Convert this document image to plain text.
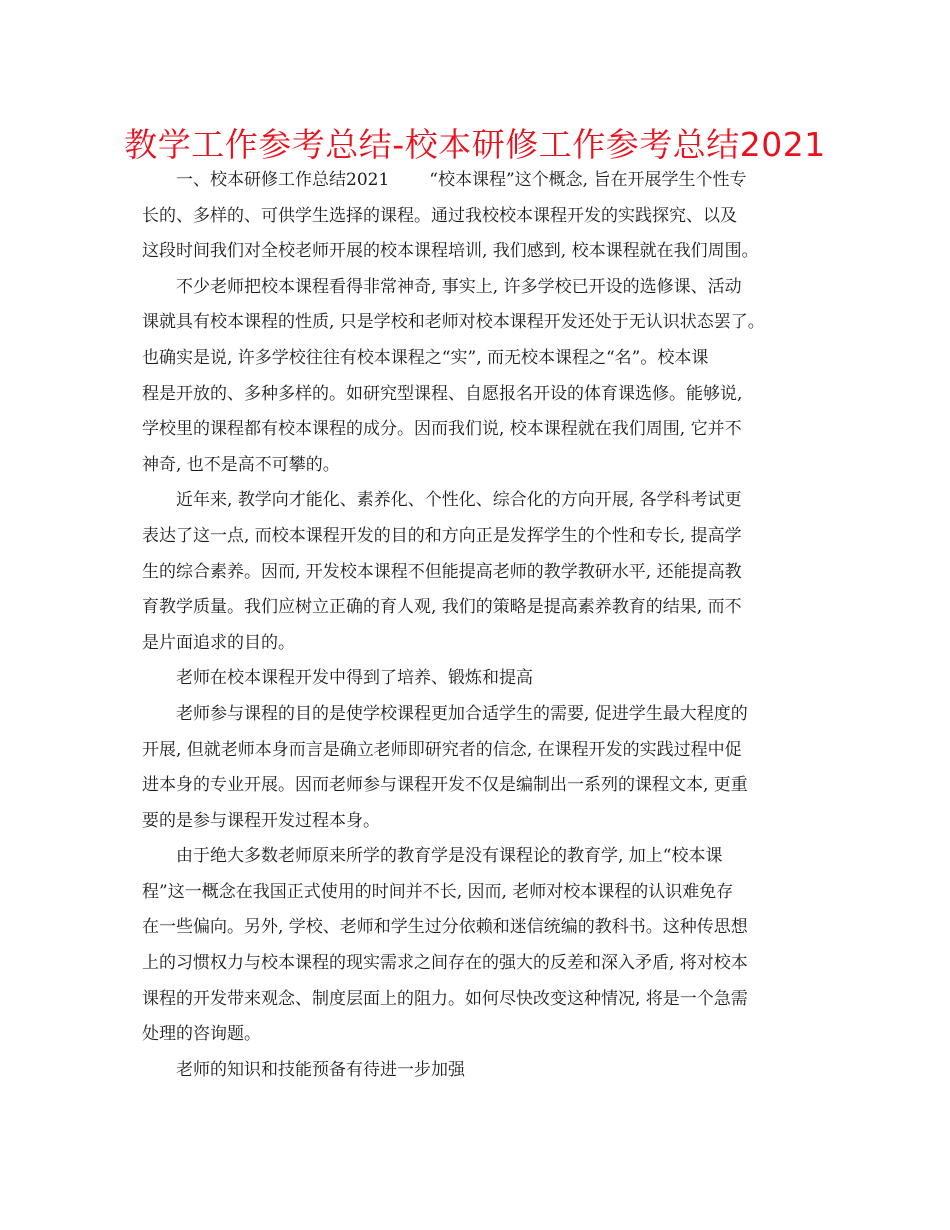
教学工作参考总结-校本研修工作参考总结2021
一、校本研修工作总结2021 “校本课程”这个概念, 旨在开展学生个性专
长的、多样的、可供学生选择的课程。通过我校校本课程开发的实践探究、以及
这段时间我们对全校老师开展的校本课程培训, 我们感到, 校本课程就在我们周围。
不少老师把校本课程看得非常神奇, 事实上, 许多学校已开设的选修课、活动
课就具有校本课程的性质, 只是学校和老师对校本课程开发还处于无认识状态罢了。
也确实是说, 许多学校往往有校本课程之“实”, 而无校本课程之“名”。校本课
程是开放的、多种多样的。如研究型课程、自愿报名开设的体育课选修。能够说,
学校里的课程都有校本课程的成分。因而我们说, 校本课程就在我们周围, 它并不
神奇, 也不是高不可攀的。
近年来, 教学向才能化、素养化、个性化、综合化的方向开展, 各学科考试更
表达了这一点, 而校本课程开发的目的和方向正是发挥学生的个性和专长, 提高学
生的综合素养。因而, 开发校本课程不但能提高老师的教学教研水平, 还能提高教
育教学质量。我们应树立正确的育人观, 我们的策略是提高素养教育的结果, 而不
是片面追求的目的。
老师在校本课程开发中得到了培养、锻炼和提高
老师参与课程的目的是使学校课程更加合适学生的需要, 促进学生最大程度的
开展, 但就老师本身而言是确立老师即研究者的信念, 在课程开发的实践过程中促
进本身的专业开展。因而老师参与课程开发不仅是编制出一系列的课程文本, 更重
要的是参与课程开发过程本身。
由于绝大多数老师原来所学的教育学是没有课程论的教育学, 加上“校本课
程”这一概念在我国正式使用的时间并不长, 因而, 老师对校本课程的认识难免存
在一些偏向。另外, 学校、老师和学生过分依赖和迷信统编的教科书。这种传思想
上的习惯权力与校本课程的现实需求之间存在的强大的反差和深入矛盾, 将对校本
课程的开发带来观念、制度层面上的阻力。如何尽快改变这种情况, 将是一个急需
处理的咨询题。
老师的知识和技能预备有待进一步加强
